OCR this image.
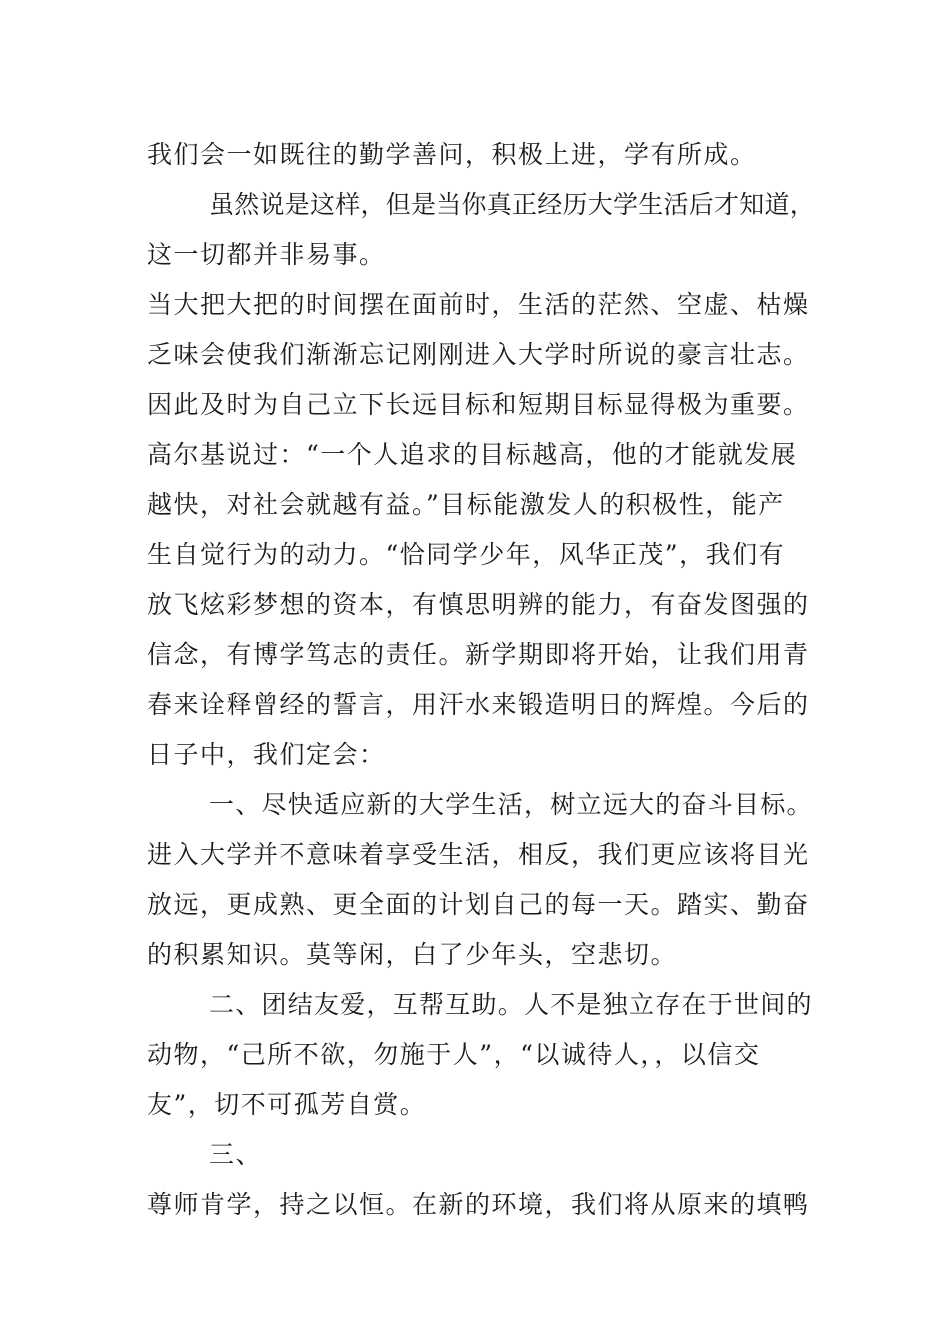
我们会一如既往的勤学善问，积极上进，学有所成。
虽然说是这样，但是当你真正经历大学生活后才知道，
这一切都并非易事。
当大把大把的时间摆在面前时，生活的茫然、空虚、枯燥
乏味会使我们渐渐忘记刚刚进入大学时所说的豪言壮志。
因此及时为自己立下长远目标和短期目标显得极为重要。
高尔基说过：“一个人追求的目标越高，他的才能就发展
越快，对社会就越有益。”目标能激发人的积极性，能产
生自觉行为的动力。“恰同学少年，风华正茂”，我们有
放飞炫彩梦想的资本，有慎思明辨的能力，有奋发图强的
信念，有博学笃志的责任。新学期即将开始，让我们用青
春来诠释曾经的誓言，用汗水来锻造明日的辉煌。今后的
日子中，我们定会：
一、尽快适应新的大学生活，树立远大的奋斗目标。
进入大学并不意味着享受生活，相反，我们更应该将目光
放远，更成熟、更全面的计划自己的每一天。踏实、勤奋
的积累知识。莫等闲，白了少年头，空悲切。
二、团结友爱，互帮互助。人不是独立存在于世间的
动物，“己所不欲，勿施于人”，“以诚待人，，以信交
友”，切不可孤芳自赏。
三、
尊师肯学，持之以恒。在新的环境，我们将从原来的填鸭
